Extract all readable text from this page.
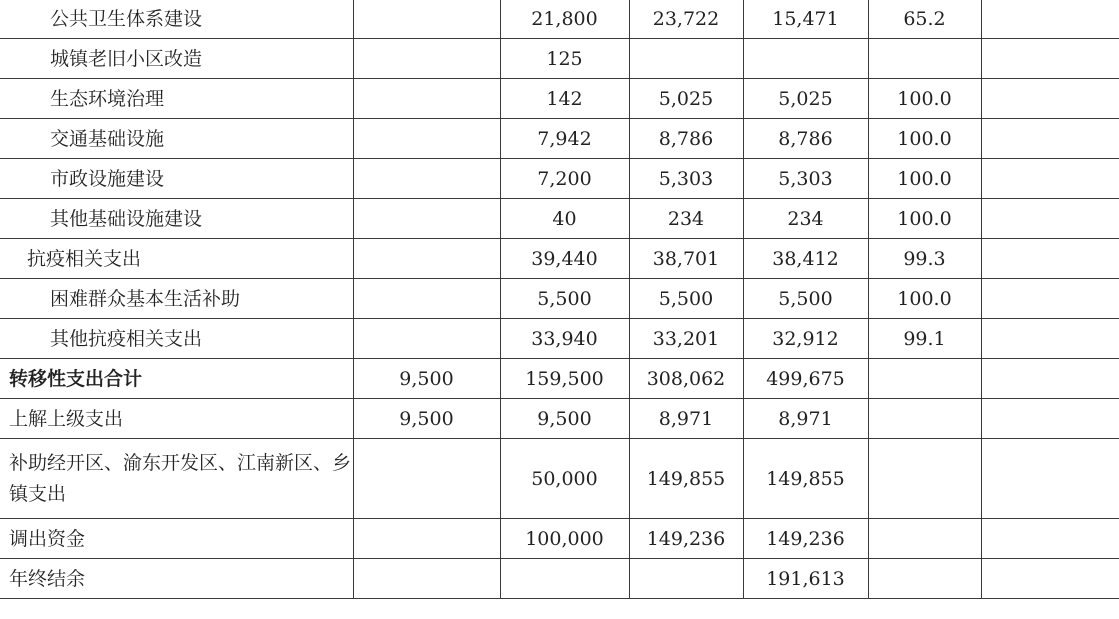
公共卫生体系建设		21,800	23,722	15,471	65.2	
城镇老旧小区改造		125				
生态环境治理		142	5,025	5,025	100.0	
交通基础设施		7,942	8,786	8,786	100.0	
市政设施建设		7,200	5,303	5,303	100.0	
其他基础设施建设		40	234	234	100.0	
抗疫相关支出		39,440	38,701	38,412	99.3	
困难群众基本生活补助		5,500	5,500	5,500	100.0	
其他抗疫相关支出		33,940	33,201	32,912	99.1	
转移性支出合计	9,500	159,500	308,062	499,675		
上解上级支出	9,500	9,500	8,971	8,971		
补助经开区、渝东开发区、江南新区、乡镇支出		50,000	149,855	149,855		
调出资金		100,000	149,236	149,236		
年终结余				191,613		
